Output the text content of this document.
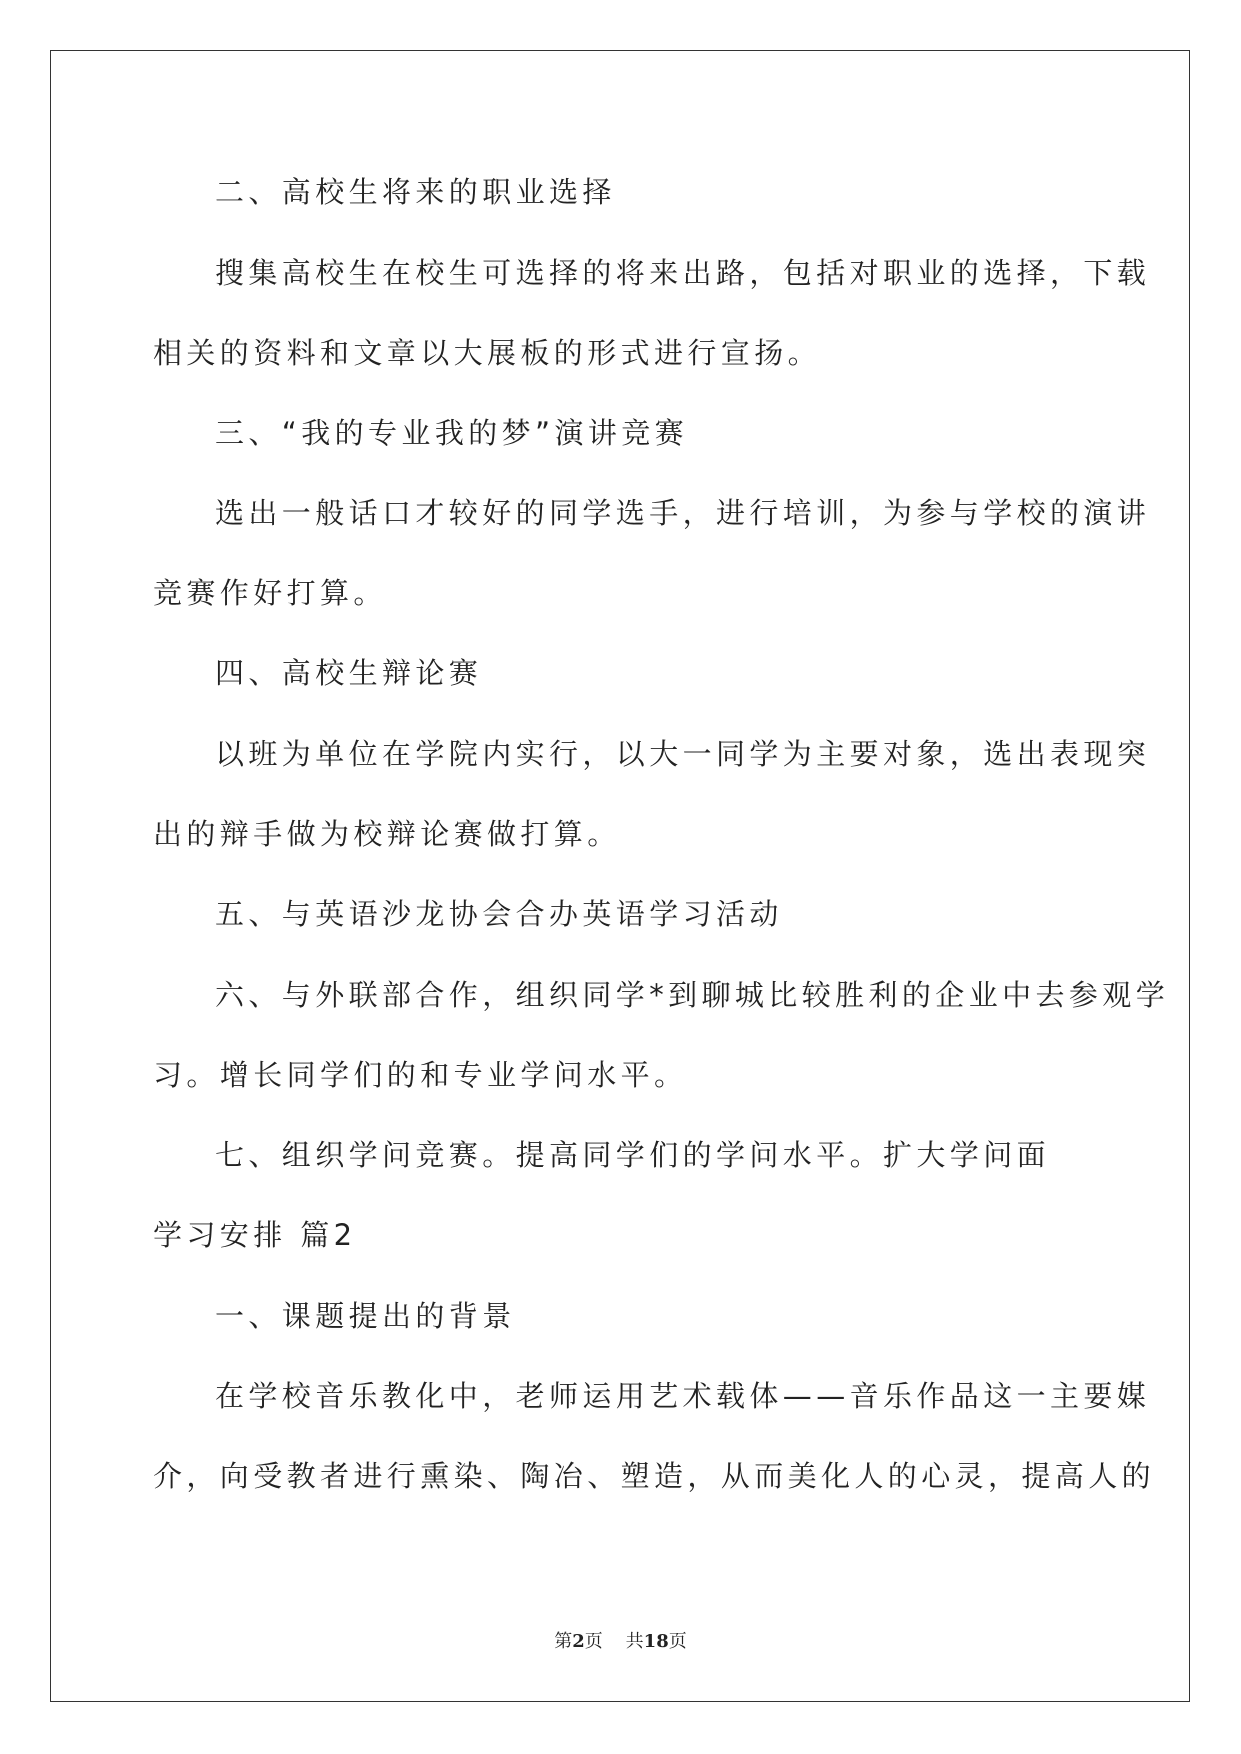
二、高校生将来的职业选择
搜集高校生在校生可选择的将来出路，包括对职业的选择，下载
相关的资料和文章以大展板的形式进行宣扬。
三、“我的专业我的梦”演讲竞赛
选出一般话口才较好的同学选手，进行培训，为参与学校的演讲
竞赛作好打算。
四、高校生辩论赛
以班为单位在学院内实行，以大一同学为主要对象，选出表现突
出的辩手做为校辩论赛做打算。
五、与英语沙龙协会合办英语学习活动
六、与外联部合作，组织同学*到聊城比较胜利的企业中去参观学
习。增长同学们的和专业学问水平。
七、组织学问竞赛。提高同学们的学问水平。扩大学问面
学习安排 篇2
一、课题提出的背景
在学校音乐教化中，老师运用艺术载体——音乐作品这一主要媒
介，向受教者进行熏染、陶冶、塑造，从而美化人的心灵，提高人的
第2页 共18页
